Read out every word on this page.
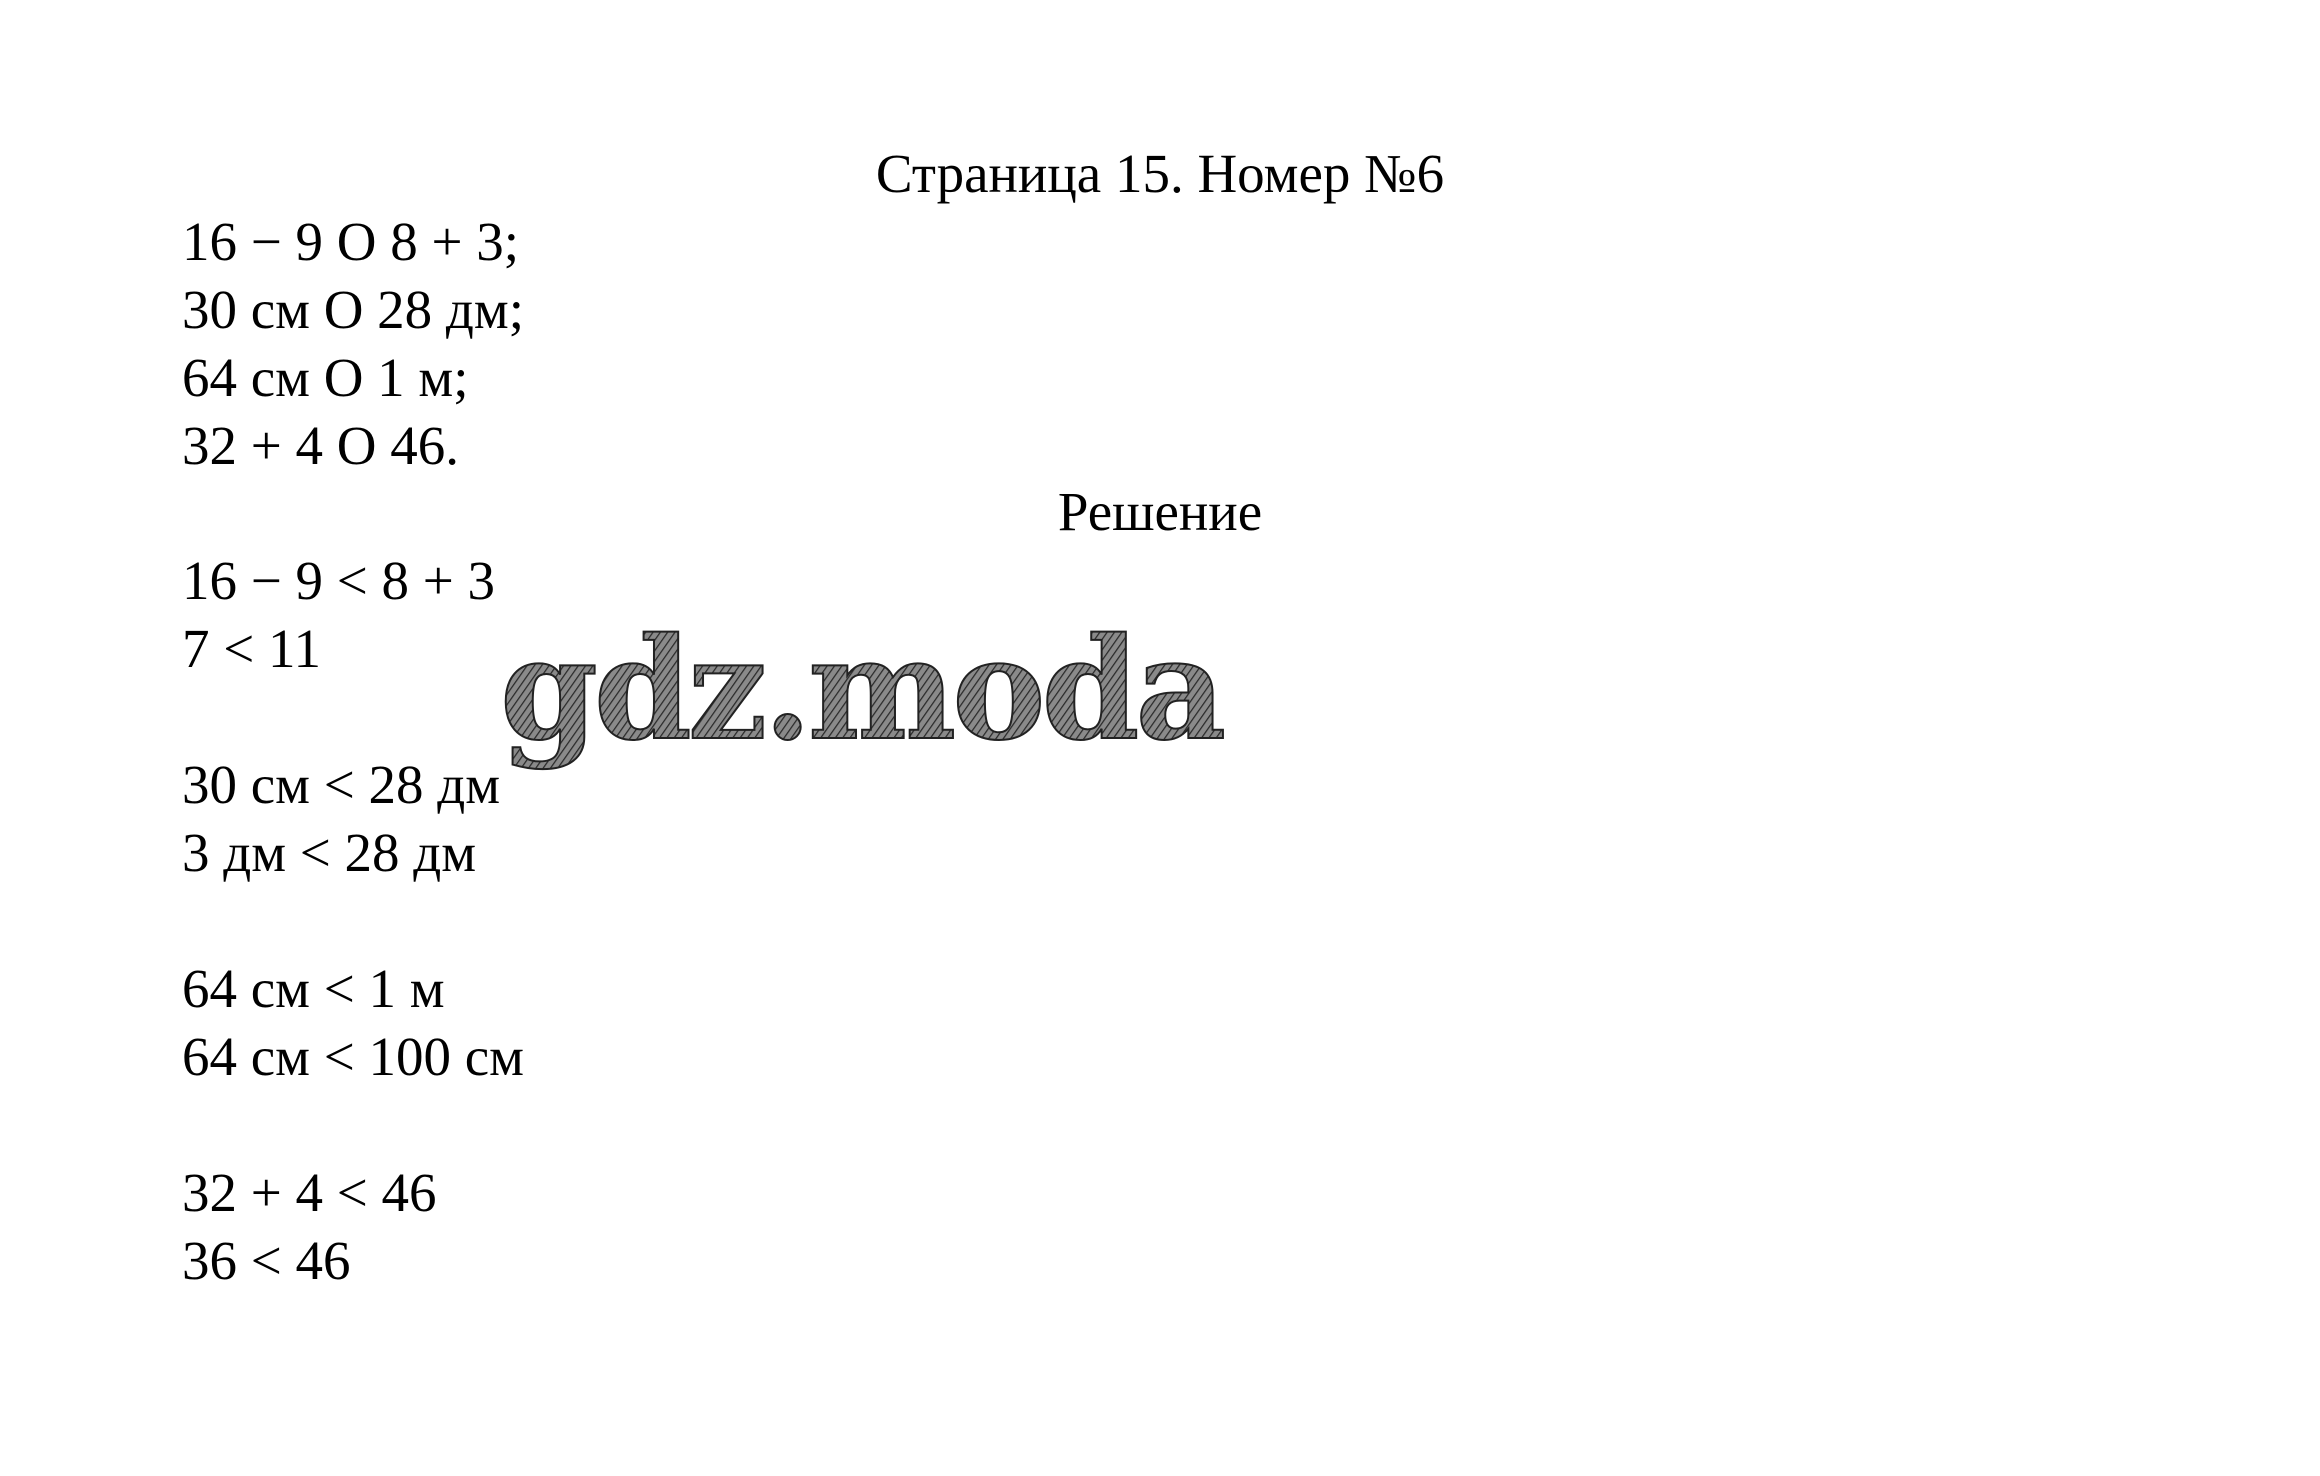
Страница 15. Номер №6
16 − 9 О 8 + 3;
30 см О 28 дм;
64 см О 1 м;
32 + 4 О 46.
Решение
16 − 9 < 8 + 3
7 < 11
30 см < 28 дм
3 дм < 28 дм
64 см < 1 м
64 см < 100 см
32 + 4 < 46
36 < 46
gdz.moda
